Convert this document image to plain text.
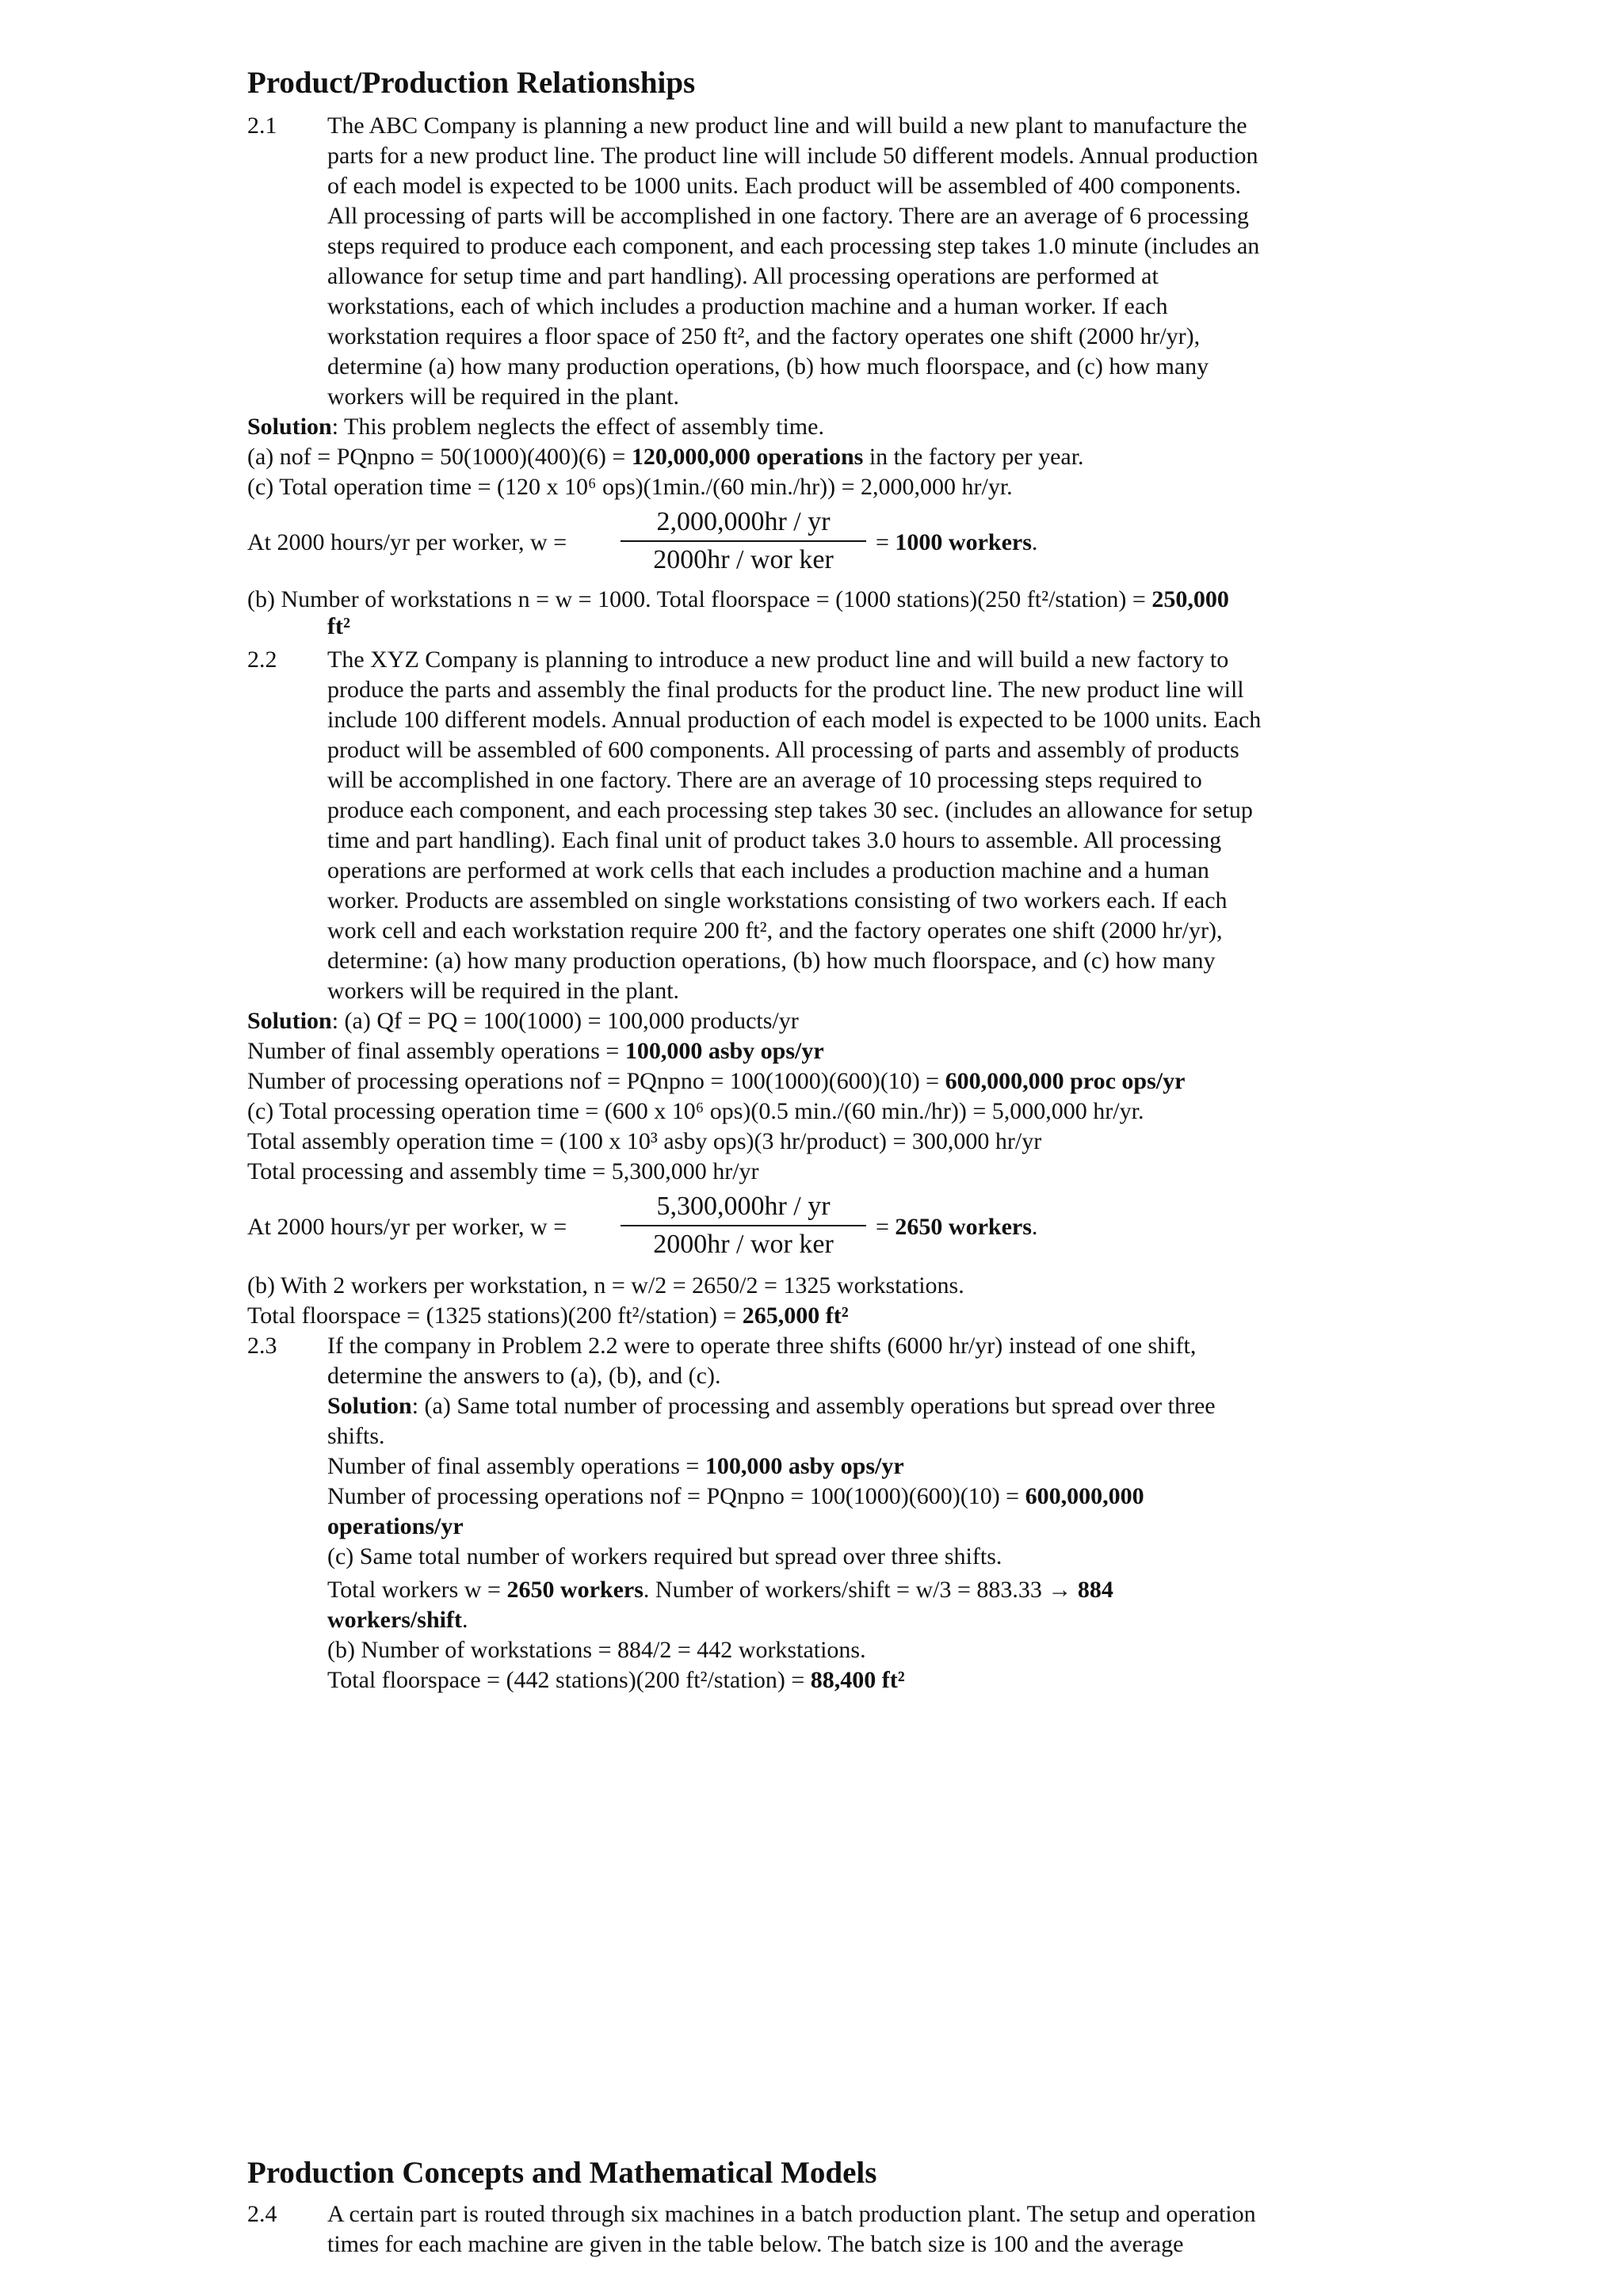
Product/Production Relationships
2.1 The ABC Company is planning a new product line and will build a new plant to manufacture the
parts for a new product line. The product line will include 50 different models. Annual production
of each model is expected to be 1000 units. Each product will be assembled of 400 components.
All processing of parts will be accomplished in one factory. There are an average of 6 processing
steps required to produce each component, and each processing step takes 1.0 minute (includes an
allowance for setup time and part handling). All processing operations are performed at
workstations, each of which includes a production machine and a human worker. If each
workstation requires a floor space of 250 ft², and the factory operates one shift (2000 hr/yr),
determine (a) how many production operations, (b) how much floorspace, and (c) how many
workers will be required in the plant.
Solution: This problem neglects the effect of assembly time.
(a) nof = PQnpno = 50(1000)(400)(6) = 120,000,000 operations in the factory per year.
(c) Total operation time = (120 x 10⁶ ops)(1min./(60 min./hr)) = 2,000,000 hr/yr.
At 2000 hours/yr per worker, w =
2,000,000hr / yr
2000hr / wor ker
= 1000 workers.
(b) Number of workstations n = w = 1000. Total floorspace = (1000 stations)(250 ft²/station) = 250,000
ft²
2.2 The XYZ Company is planning to introduce a new product line and will build a new factory to
produce the parts and assembly the final products for the product line. The new product line will
include 100 different models. Annual production of each model is expected to be 1000 units. Each
product will be assembled of 600 components. All processing of parts and assembly of products
will be accomplished in one factory. There are an average of 10 processing steps required to
produce each component, and each processing step takes 30 sec. (includes an allowance for setup
time and part handling). Each final unit of product takes 3.0 hours to assemble. All processing
operations are performed at work cells that each includes a production machine and a human
worker. Products are assembled on single workstations consisting of two workers each. If each
work cell and each workstation require 200 ft², and the factory operates one shift (2000 hr/yr),
determine: (a) how many production operations, (b) how much floorspace, and (c) how many
workers will be required in the plant.
Solution: (a) Qf = PQ = 100(1000) = 100,000 products/yr
Number of final assembly operations = 100,000 asby ops/yr
Number of processing operations nof = PQnpno = 100(1000)(600)(10) = 600,000,000 proc ops/yr
(c) Total processing operation time = (600 x 10⁶ ops)(0.5 min./(60 min./hr)) = 5,000,000 hr/yr.
Total assembly operation time = (100 x 10³ asby ops)(3 hr/product) = 300,000 hr/yr
Total processing and assembly time = 5,300,000 hr/yr
At 2000 hours/yr per worker, w =
5,300,000hr / yr
2000hr / wor ker
= 2650 workers.
(b) With 2 workers per workstation, n = w/2 = 2650/2 = 1325 workstations.
Total floorspace = (1325 stations)(200 ft²/station) = 265,000 ft²
2.3 If the company in Problem 2.2 were to operate three shifts (6000 hr/yr) instead of one shift,
determine the answers to (a), (b), and (c).
Solution: (a) Same total number of processing and assembly operations but spread over three
shifts.
Number of final assembly operations = 100,000 asby ops/yr
Number of processing operations nof = PQnpno = 100(1000)(600)(10) = 600,000,000
operations/yr
(c) Same total number of workers required but spread over three shifts.
Total workers w = 2650 workers. Number of workers/shift = w/3 = 883.33 → 884
workers/shift.
(b) Number of workstations = 884/2 = 442 workstations.
Total floorspace = (442 stations)(200 ft²/station) = 88,400 ft²
Production Concepts and Mathematical Models
2.4 A certain part is routed through six machines in a batch production plant. The setup and operation
times for each machine are given in the table below. The batch size is 100 and the average
